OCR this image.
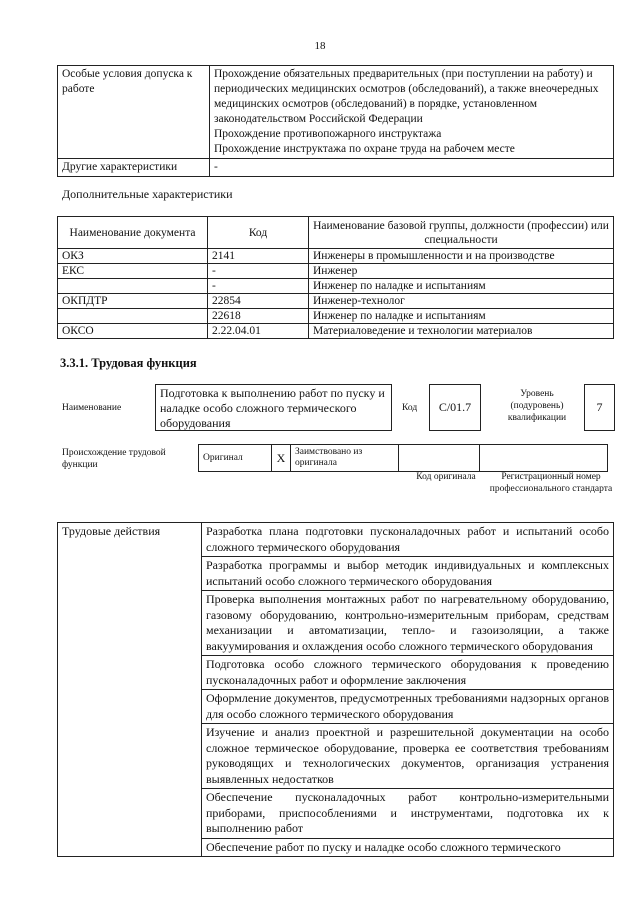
18
Особые условия допуска к работе	Прохождение обязательных предварительных (при поступлении на работу) и периодических медицинских осмотров (обследований), а также внеочередных медицинских осмотров (обследований) в порядке, установленном законодательством Российской Федерации
Прохождение противопожарного инструктажа
Прохождение инструктажа по охране труда на рабочем месте

Другие характеристики	-
Дополнительные характеристики
Наименование документа	Код	Наименование базовой группы, должности (профессии) или специальности
ОКЗ	2141	Инженеры в промышленности и на производстве
ЕКС	-	Инженер
	-	Инженер по наладке и испытаниям
ОКПДТР	22854	Инженер-технолог
	22618	Инженер по наладке и испытаниям
ОКСО	2.22.04.01	Материаловедение и технологии материалов
3.3.1. Трудовая функция
Наименование
Подготовка к выполнению работ по пуску и наладке особо сложного термического оборудования
Код	С/01.7
Уровень (подуровень) квалификации
7
Происхождение трудовой функции
Оригинал	X	Заимствовано из оригинала		
Код оригинала	Регистрационный номер профессионального стандарта
Трудовые действия	Разработка плана подготовки пусконаладочных работ и испытаний особо сложного термического оборудования
Разработка программы и выбор методик индивидуальных и комплексных испытаний особо сложного термического оборудования
Проверка выполнения монтажных работ по нагревательному оборудованию, газовому оборудованию, контрольно-измерительным приборам, средствам механизации и автоматизации, тепло- и газоизоляции, а также вакуумирования и охлаждения особо сложного термического оборудования
Подготовка особо сложного термического оборудования к проведению пусконаладочных работ и оформление заключения
Оформление документов, предусмотренных требованиями надзорных органов для особо сложного термического оборудования
Изучение и анализ проектной и разрешительной документации на особо сложное термическое оборудование, проверка ее соответствия требованиям руководящих и технологических документов, организация устранения выявленных недостатков
Обеспечение пусконаладочных работ контрольно-измерительными приборами, приспособлениями и инструментами, подготовка их к выполнению работ
Обеспечение работ по пуску и наладке особо сложного термического
